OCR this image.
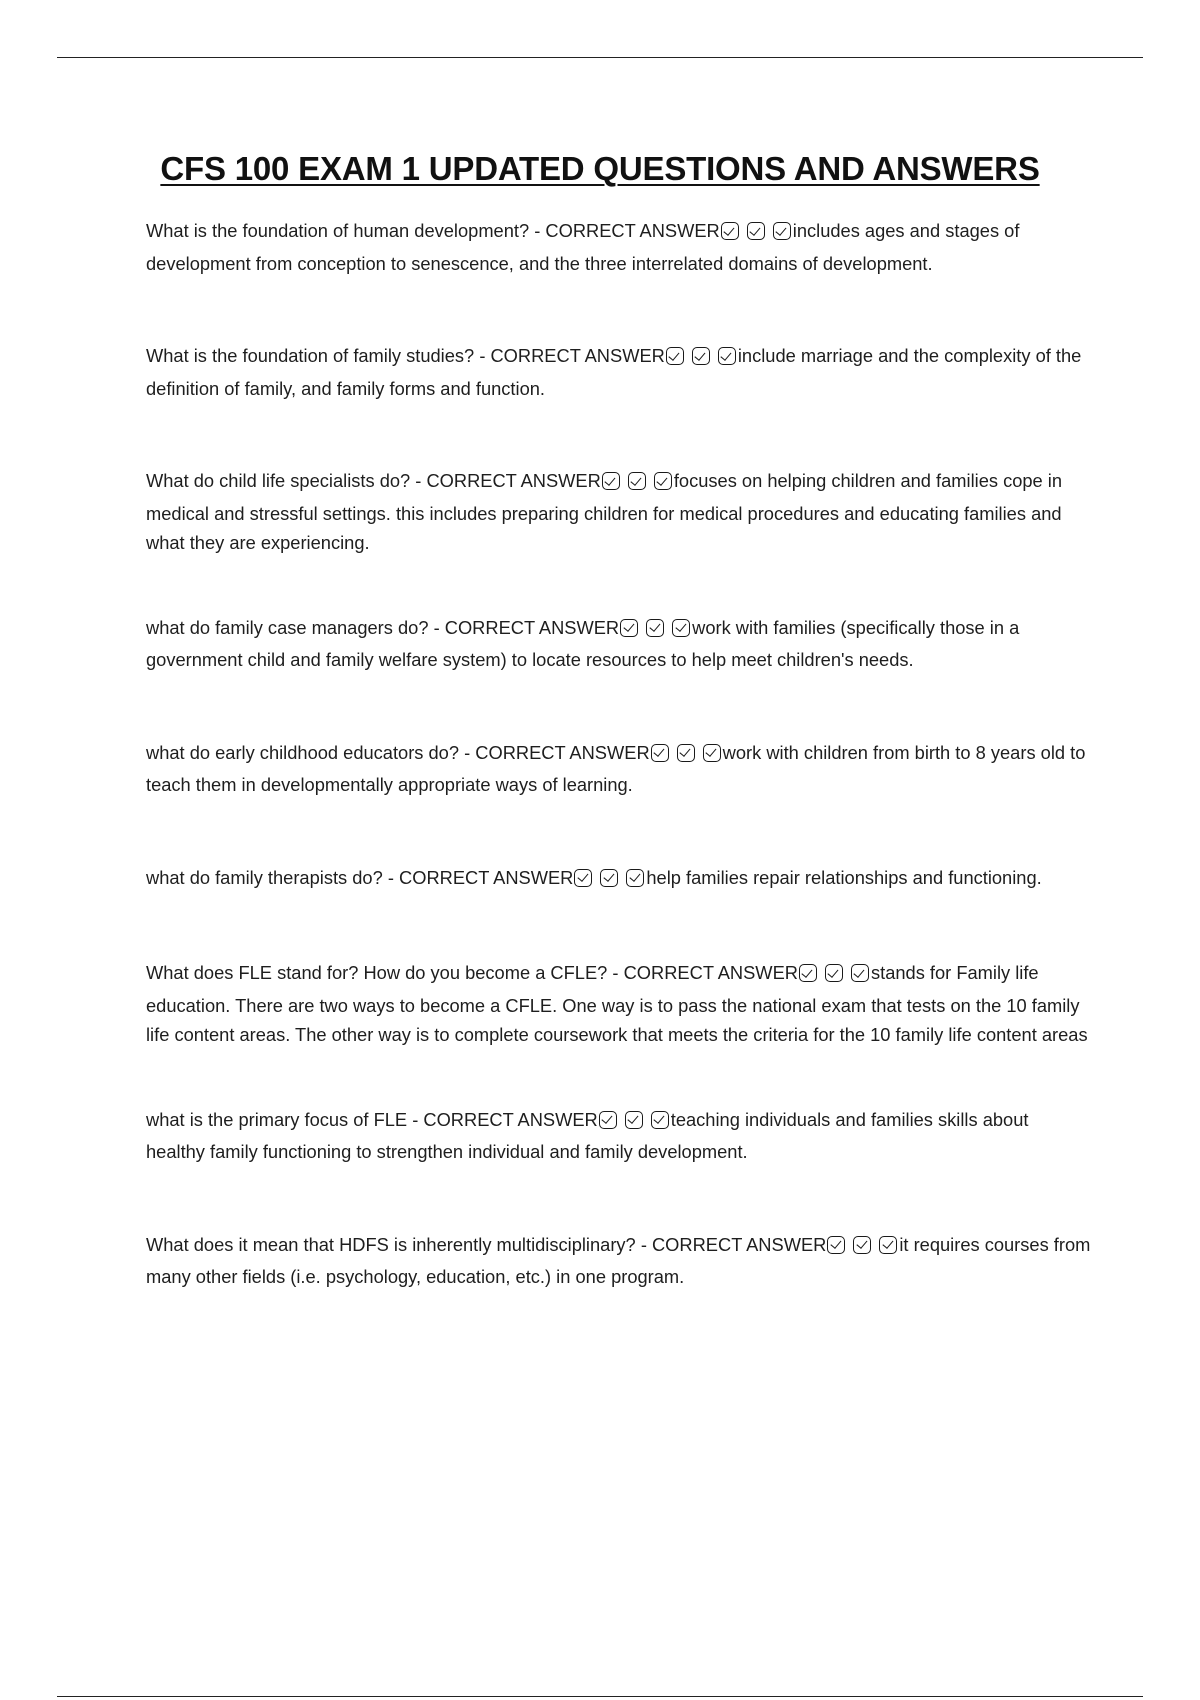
CFS 100 EXAM 1 UPDATED QUESTIONS AND ANSWERS

What is the foundation of human development? - CORRECT ANSWER	includes ages and stages of development from conception to senescence, and the three interrelated domains of development.

What is the foundation of family studies? - CORRECT ANSWER	include marriage and the complexity of the definition of family, and family forms and function.

What do child life specialists do? - CORRECT ANSWER	focuses on helping children and families cope in medical and stressful settings. this includes preparing children for medical procedures and educating families and what they are experiencing.

what do family case managers do? - CORRECT ANSWER	work with families (specifically those in a government child and family welfare system) to locate resources to help meet children's needs.

what do early childhood educators do? - CORRECT ANSWER	work with children from birth to 8 years old to teach them in developmentally appropriate ways of learning.

what do family therapists do? - CORRECT ANSWER	help families repair relationships and functioning.

What does FLE stand for? How do you become a CFLE? - CORRECT ANSWER	stands for Family life education. There are two ways to become a CFLE. One way is to pass the national exam that tests on the 10 family life content areas. The other way is to complete coursework that meets the criteria for the 10 family life content areas

what is the primary focus of FLE - CORRECT ANSWER	teaching individuals and families skills about healthy family functioning to strengthen individual and family development.

What does it mean that HDFS is inherently multidisciplinary? - CORRECT ANSWER	it requires courses from many other fields (i.e. psychology, education, etc.) in one program.
